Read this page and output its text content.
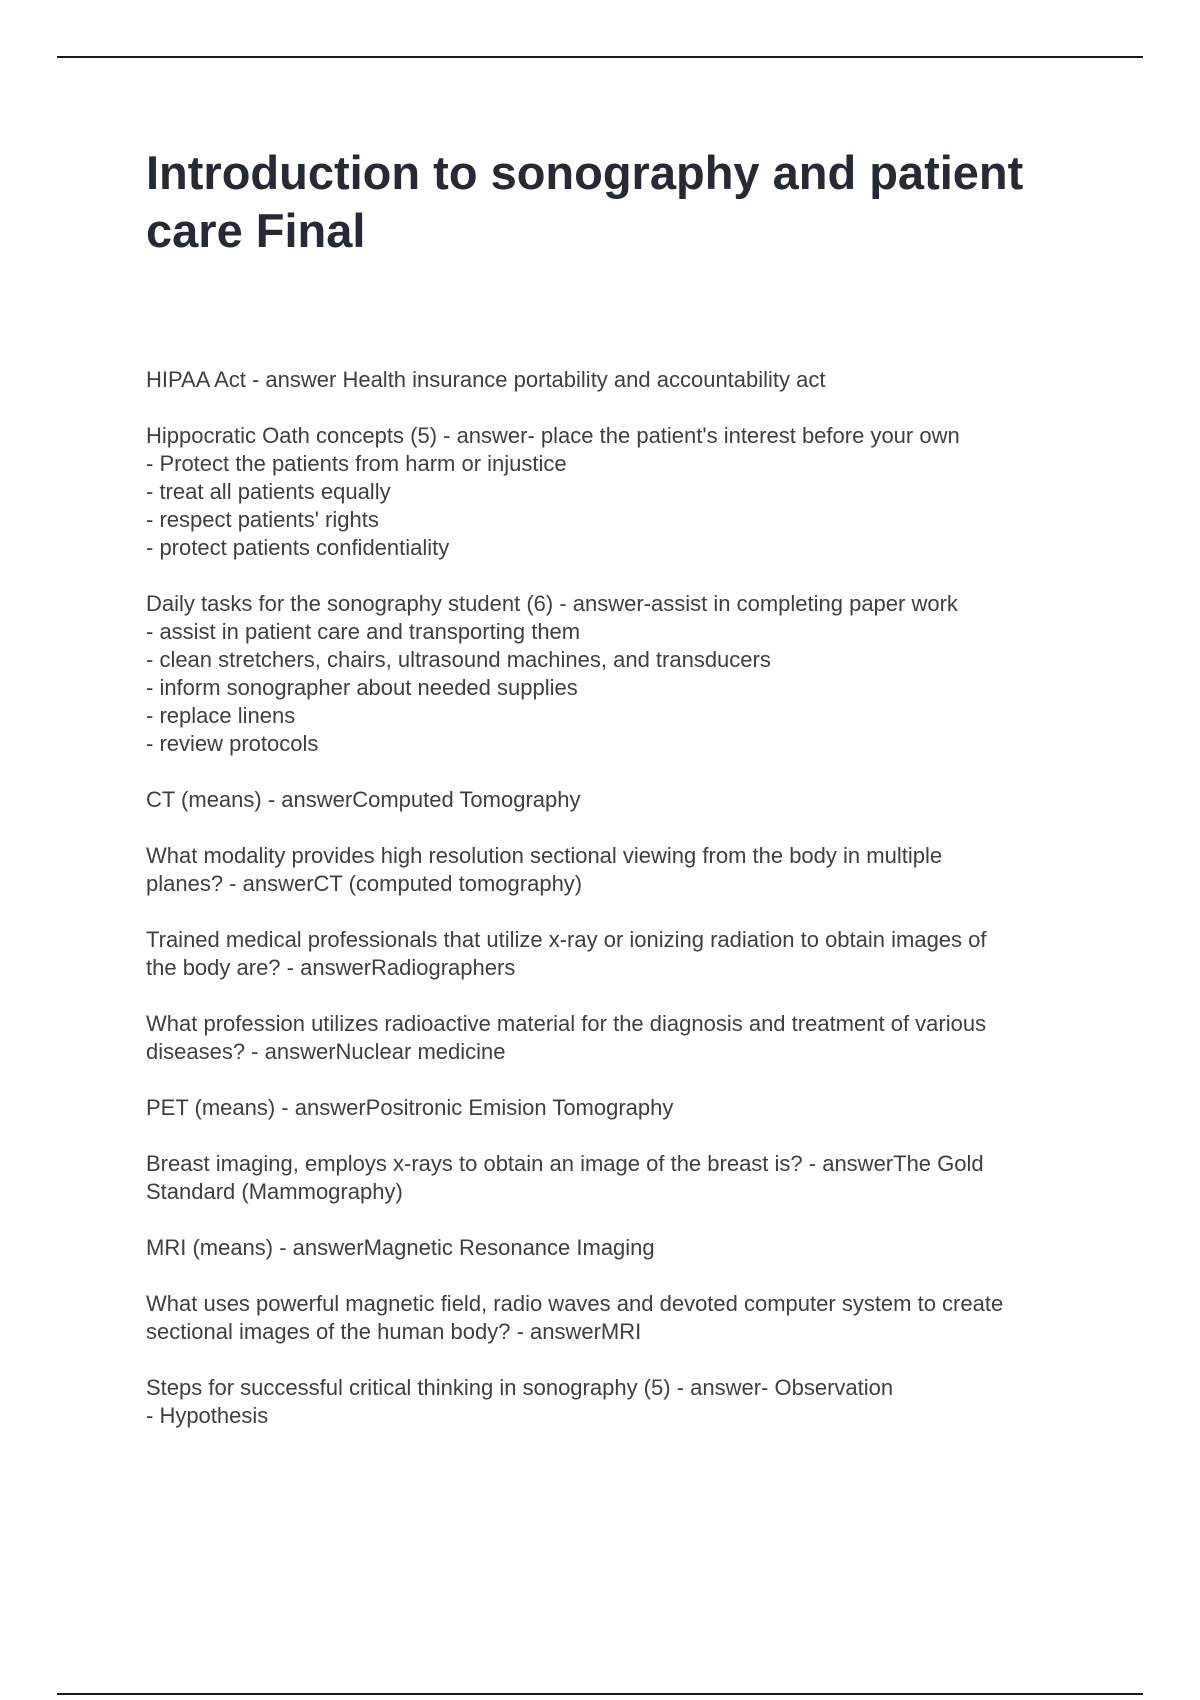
Introduction to sonography and patient
care Final

HIPAA Act - answer Health insurance portability and accountability act

Hippocratic Oath concepts (5) - answer- place the patient's interest before your own
- Protect the patients from harm or injustice
- treat all patients equally
- respect patients' rights
- protect patients confidentiality

Daily tasks for the sonography student (6) - answer-assist in completing paper work
- assist in patient care and transporting them
- clean stretchers, chairs, ultrasound machines, and transducers
- inform sonographer about needed supplies
- replace linens
- review protocols

CT (means) - answerComputed Tomography

What modality provides high resolution sectional viewing from the body in multiple
planes? - answerCT (computed tomography)

Trained medical professionals that utilize x-ray or ionizing radiation to obtain images of
the body are? - answerRadiographers

What profession utilizes radioactive material for the diagnosis and treatment of various
diseases? - answerNuclear medicine

PET (means) - answerPositronic Emision Tomography

Breast imaging, employs x-rays to obtain an image of the breast is? - answerThe Gold
Standard (Mammography)

MRI (means) - answerMagnetic Resonance Imaging

What uses powerful magnetic field, radio waves and devoted computer system to create
sectional images of the human body? - answerMRI

Steps for successful critical thinking in sonography (5) - answer- Observation
- Hypothesis
